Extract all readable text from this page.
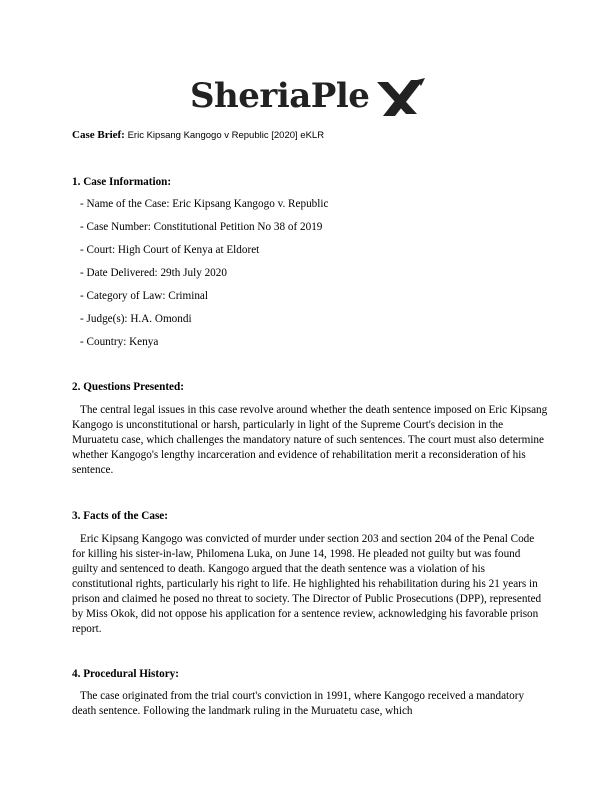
SheriaPle
Case Brief: Eric Kipsang Kangogo v Republic [2020] eKLR
1. Case Information:
- Name of the Case: Eric Kipsang Kangogo v. Republic
- Case Number: Constitutional Petition No 38 of 2019
- Court: High Court of Kenya at Eldoret
- Date Delivered: 29th July 2020
- Category of Law: Criminal
- Judge(s): H.A. Omondi
- Country: Kenya
2. Questions Presented:

The central legal issues in this case revolve around whether the death sentence imposed on Eric Kipsang Kangogo is unconstitutional or harsh, particularly in light of the Supreme Court's decision in the Muruatetu case, which challenges the mandatory nature of such sentences. The court must also determine whether Kangogo's lengthy incarceration and evidence of rehabilitation merit a reconsideration of his sentence.

3. Facts of the Case:

Eric Kipsang Kangogo was convicted of murder under section 203 and section 204 of the Penal Code for killing his sister-in-law, Philomena Luka, on June 14, 1998. He pleaded not guilty but was found guilty and sentenced to death. Kangogo argued that the death sentence was a violation of his constitutional rights, particularly his right to life. He highlighted his rehabilitation during his 21 years in prison and claimed he posed no threat to society. The Director of Public Prosecutions (DPP), represented by Miss Okok, did not oppose his application for a sentence review, acknowledging his favorable prison report.

4. Procedural History:

The case originated from the trial court's conviction in 1991, where Kangogo received a mandatory death sentence. Following the landmark ruling in the Muruatetu case, which
